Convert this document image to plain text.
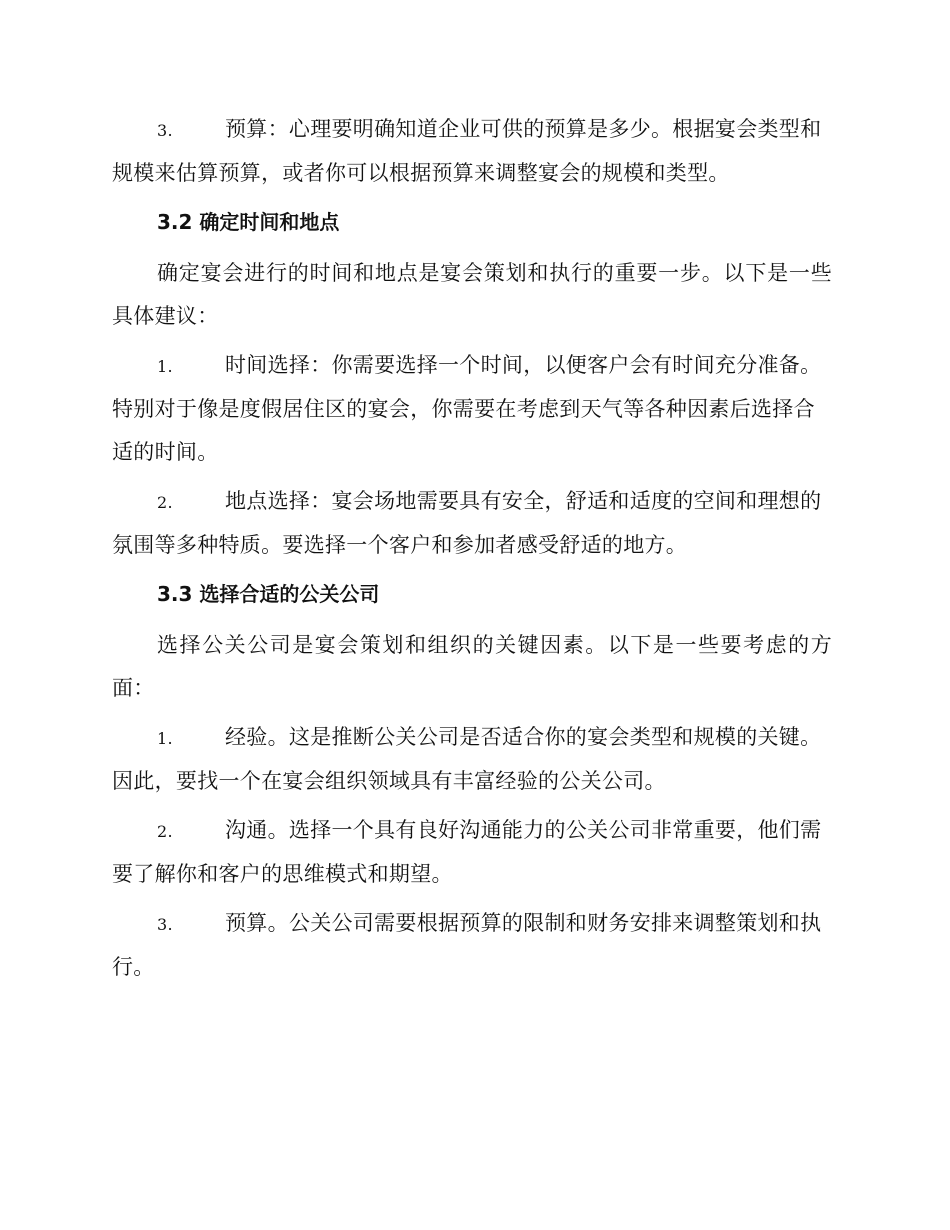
3. 预算：心理要明确知道企业可供的预算是多少。根据宴会类型和规模来估算预算，或者你可以根据预算来调整宴会的规模和类型。
3.2 确定时间和地点
确定宴会进行的时间和地点是宴会策划和执行的重要一步。以下是一些具体建议：
1. 时间选择：你需要选择一个时间，以便客户会有时间充分准备。特别对于像是度假居住区的宴会，你需要在考虑到天气等各种因素后选择合适的时间。
2. 地点选择：宴会场地需要具有安全，舒适和适度的空间和理想的氛围等多种特质。要选择一个客户和参加者感受舒适的地方。
3.3 选择合适的公关公司
选择公关公司是宴会策划和组织的关键因素。以下是一些要考虑的方面：
1. 经验。这是推断公关公司是否适合你的宴会类型和规模的关键。因此，要找一个在宴会组织领域具有丰富经验的公关公司。
2. 沟通。选择一个具有良好沟通能力的公关公司非常重要，他们需要了解你和客户的思维模式和期望。
3. 预算。公关公司需要根据预算的限制和财务安排来调整策划和执行。
